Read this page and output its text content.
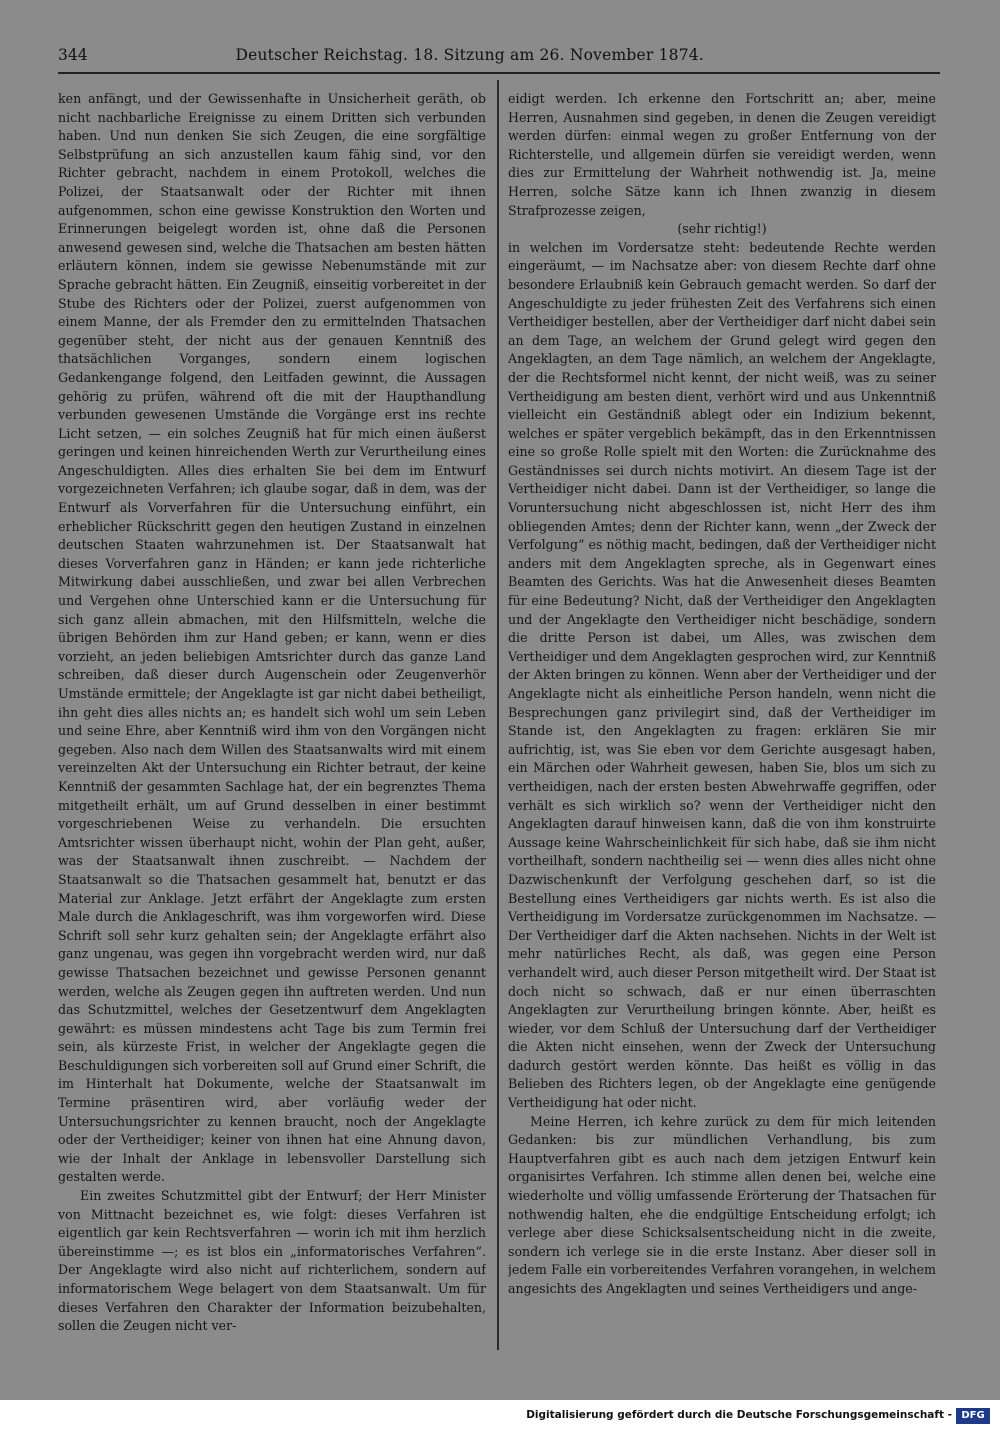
344	Deutscher Reichstag. 18. Sitzung am 26. November 1874.

ken anfängt, und der Gewissenhafte in Unsicherheit geräth, ob nicht nachbarliche Ereignisse zu einem Dritten sich verbunden haben. Und nun denken Sie sich Zeugen, die eine sorgfältige Selbstprüfung an sich anzustellen kaum fähig sind, vor den Richter gebracht, nachdem in einem Protokoll, welches die Polizei, der Staatsanwalt oder der Richter mit ihnen aufgenommen, schon eine gewisse Konstruktion den Worten und Erinnerungen beigelegt worden ist, ohne daß die Personen anwesend gewesen sind, welche die Thatsachen am besten hätten erläutern können, indem sie gewisse Nebenumstände mit zur Sprache gebracht hätten. Ein Zeugniß, einseitig vorbereitet in der Stube des Richters oder der Polizei, zuerst aufgenommen von einem Manne, der als Fremder den zu ermittelnden Thatsachen gegenüber steht, der nicht aus der genauen Kenntniß des thatsächlichen Vorganges, sondern einem logischen Gedankengange folgend, den Leitfaden gewinnt, die Aussagen gehörig zu prüfen, während oft die mit der Haupthandlung verbunden gewesenen Umstände die Vorgänge erst ins rechte Licht setzen, — ein solches Zeugniß hat für mich einen äußerst geringen und keinen hinreichenden Werth zur Verurtheilung eines Angeschuldigten. Alles dies erhalten Sie bei dem im Entwurf vorgezeichneten Verfahren; ich glaube sogar, daß in dem, was der Entwurf als Vorverfahren für die Untersuchung einführt, ein erheblicher Rückschritt gegen den heutigen Zustand in einzelnen deutschen Staaten wahrzunehmen ist. Der Staatsanwalt hat dieses Vorverfahren ganz in Händen; er kann jede richterliche Mitwirkung dabei ausschließen, und zwar bei allen Verbrechen und Vergehen ohne Unterschied kann er die Untersuchung für sich ganz allein abmachen, mit den Hilfsmitteln, welche die übrigen Behörden ihm zur Hand geben; er kann, wenn er dies vorzieht, an jeden beliebigen Amtsrichter durch das ganze Land schreiben, daß dieser durch Augenschein oder Zeugenverhör Umstände ermittele; der Angeklagte ist gar nicht dabei betheiligt, ihn geht dies alles nichts an; es handelt sich wohl um sein Leben und seine Ehre, aber Kenntniß wird ihm von den Vorgängen nicht gegeben. Also nach dem Willen des Staatsanwalts wird mit einem vereinzelten Akt der Untersuchung ein Richter betraut, der keine Kenntniß der gesammten Sachlage hat, der ein begrenztes Thema mitgetheilt erhält, um auf Grund desselben in einer bestimmt vorgeschriebenen Weise zu verhandeln. Die ersuchten Amtsrichter wissen überhaupt nicht, wohin der Plan geht, außer, was der Staatsanwalt ihnen zuschreibt. — Nachdem der Staatsanwalt so die Thatsachen gesammelt hat, benutzt er das Material zur Anklage. Jetzt erfährt der Angeklagte zum ersten Male durch die Anklageschrift, was ihm vorgeworfen wird. Diese Schrift soll sehr kurz gehalten sein; der Angeklagte erfährt also ganz ungenau, was gegen ihn vorgebracht werden wird, nur daß gewisse Thatsachen bezeichnet und gewisse Personen genannt werden, welche als Zeugen gegen ihn auftreten werden. Und nun das Schutzmittel, welches der Gesetzentwurf dem Angeklagten gewährt: es müssen mindestens acht Tage bis zum Termin frei sein, als kürzeste Frist, in welcher der Angeklagte gegen die Beschuldigungen sich vorbereiten soll auf Grund einer Schrift, die im Hinterhalt hat Dokumente, welche der Staatsanwalt im Termine präsentiren wird, aber vorläufig weder der Untersuchungsrichter zu kennen braucht, noch der Angeklagte oder der Vertheidiger; keiner von ihnen hat eine Ahnung davon, wie der Inhalt der Anklage in lebensvoller Darstellung sich gestalten werde.

Ein zweites Schutzmittel gibt der Entwurf; der Herr Minister von Mittnacht bezeichnet es, wie folgt: dieses Verfahren ist eigentlich gar kein Rechtsverfahren — worin ich mit ihm herzlich übereinstimme —; es ist blos ein „informatorisches Verfahren“. Der Angeklagte wird also nicht auf richterlichem, sondern auf informatorischem Wege belagert von dem Staatsanwalt. Um für dieses Verfahren den Charakter der Information beizubehalten, sollen die Zeugen nicht ver-

eidigt werden. Ich erkenne den Fortschritt an; aber, meine Herren, Ausnahmen sind gegeben, in denen die Zeugen vereidigt werden dürfen: einmal wegen zu großer Entfernung von der Richterstelle, und allgemein dürfen sie vereidigt werden, wenn dies zur Ermittelung der Wahrheit nothwendig ist. Ja, meine Herren, solche Sätze kann ich Ihnen zwanzig in diesem Strafprozesse zeigen,

(sehr richtig!)

in welchen im Vordersatze steht: bedeutende Rechte werden eingeräumt, — im Nachsatze aber: von diesem Rechte darf ohne besondere Erlaubniß kein Gebrauch gemacht werden. So darf der Angeschuldigte zu jeder frühesten Zeit des Verfahrens sich einen Vertheidiger bestellen, aber der Vertheidiger darf nicht dabei sein an dem Tage, an welchem der Grund gelegt wird gegen den Angeklagten, an dem Tage nämlich, an welchem der Angeklagte, der die Rechtsformel nicht kennt, der nicht weiß, was zu seiner Vertheidigung am besten dient, verhört wird und aus Unkenntniß vielleicht ein Geständniß ablegt oder ein Indizium bekennt, welches er später vergeblich bekämpft, das in den Erkenntnissen eine so große Rolle spielt mit den Worten: die Zurücknahme des Geständnisses sei durch nichts motivirt. An diesem Tage ist der Vertheidiger nicht dabei. Dann ist der Vertheidiger, so lange die Voruntersuchung nicht abgeschlossen ist, nicht Herr des ihm obliegenden Amtes; denn der Richter kann, wenn „der Zweck der Verfolgung“ es nöthig macht, bedingen, daß der Vertheidiger nicht anders mit dem Angeklagten spreche, als in Gegenwart eines Beamten des Gerichts. Was hat die Anwesenheit dieses Beamten für eine Bedeutung? Nicht, daß der Vertheidiger den Angeklagten und der Angeklagte den Vertheidiger nicht beschädige, sondern die dritte Person ist dabei, um Alles, was zwischen dem Vertheidiger und dem Angeklagten gesprochen wird, zur Kenntniß der Akten bringen zu können. Wenn aber der Vertheidiger und der Angeklagte nicht als einheitliche Person handeln, wenn nicht die Besprechungen ganz privilegirt sind, daß der Vertheidiger im Stande ist, den Angeklagten zu fragen: erklären Sie mir aufrichtig, ist, was Sie eben vor dem Gerichte ausgesagt haben, ein Märchen oder Wahrheit gewesen, haben Sie, blos um sich zu vertheidigen, nach der ersten besten Abwehrwaffe gegriffen, oder verhält es sich wirklich so? wenn der Vertheidiger nicht den Angeklagten darauf hinweisen kann, daß die von ihm konstruirte Aussage keine Wahrscheinlichkeit für sich habe, daß sie ihm nicht vortheilhaft, sondern nachtheilig sei — wenn dies alles nicht ohne Dazwischenkunft der Verfolgung geschehen darf, so ist die Bestellung eines Vertheidigers gar nichts werth. Es ist also die Vertheidigung im Vordersatze zurückgenommen im Nachsatze. — Der Vertheidiger darf die Akten nachsehen. Nichts in der Welt ist mehr natürliches Recht, als daß, was gegen eine Person verhandelt wird, auch dieser Person mitgetheilt wird. Der Staat ist doch nicht so schwach, daß er nur einen überraschten Angeklagten zur Verurtheilung bringen könnte. Aber, heißt es wieder, vor dem Schluß der Untersuchung darf der Vertheidiger die Akten nicht einsehen, wenn der Zweck der Untersuchung dadurch gestört werden könnte. Das heißt es völlig in das Belieben des Richters legen, ob der Angeklagte eine genügende Vertheidigung hat oder nicht.

Meine Herren, ich kehre zurück zu dem für mich leitenden Gedanken: bis zur mündlichen Verhandlung, bis zum Hauptverfahren gibt es auch nach dem jetzigen Entwurf kein organisirtes Verfahren. Ich stimme allen denen bei, welche eine wiederholte und völlig umfassende Erörterung der Thatsachen für nothwendig halten, ehe die endgültige Entscheidung erfolgt; ich verlege aber diese Schicksalsentscheidung nicht in die zweite, sondern ich verlege sie in die erste Instanz. Aber dieser soll in jedem Falle ein vorbereitendes Verfahren vorangehen, in welchem angesichts des Angeklagten und seines Vertheidigers und ange-

Digitalisierung gefördert durch die Deutsche Forschungsgemeinschaft - DFG
